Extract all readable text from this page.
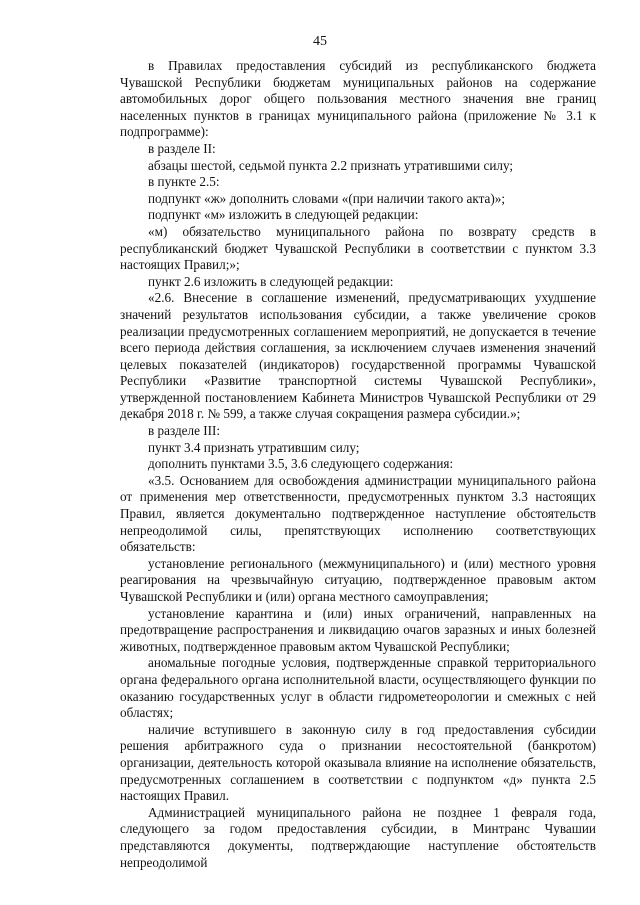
45

в Правилах предоставления субсидий из республиканского бюджета Чувашской Республики бюджетам муниципальных районов на содержание автомобильных дорог общего пользования местного значения вне границ населенных пунктов в границах муниципального района (приложение № 3.1 к подпрограмме):

в разделе II:

абзацы шестой, седьмой пункта 2.2 признать утратившими силу;

в пункте 2.5:

подпункт «ж» дополнить словами «(при наличии такого акта)»;

подпункт «м» изложить в следующей редакции:

«м) обязательство муниципального района по возврату средств в республиканский бюджет Чувашской Республики в соответствии с пунктом 3.3 настоящих Правил;»;

пункт 2.6 изложить в следующей редакции:

«2.6. Внесение в соглашение изменений, предусматривающих ухудшение значений результатов использования субсидии, а также увеличение сроков реализации предусмотренных соглашением мероприятий, не допускается в течение всего периода действия соглашения, за исключением случаев изменения значений целевых показателей (индикаторов) государственной программы Чувашской Республики «Развитие транспортной системы Чувашской Республики», утвержденной постановлением Кабинета Министров Чувашской Республики от 29 декабря 2018 г. № 599, а также случая сокращения размера субсидии.»;

в разделе III:

пункт 3.4 признать утратившим силу;

дополнить пунктами 3.5, 3.6 следующего содержания:

«3.5. Основанием для освобождения администрации муниципального района от применения мер ответственности, предусмотренных пунктом 3.3 настоящих Правил, является документально подтвержденное наступление обстоятельств непреодолимой силы, препятствующих исполнению соответствующих обязательств:

установление регионального (межмуниципального) и (или) местного уровня реагирования на чрезвычайную ситуацию, подтвержденное правовым актом Чувашской Республики и (или) органа местного самоуправления;

установление карантина и (или) иных ограничений, направленных на предотвращение распространения и ликвидацию очагов заразных и иных болезней животных, подтвержденное правовым актом Чувашской Республики;

аномальные погодные условия, подтвержденные справкой территориального органа федерального органа исполнительной власти, осуществляющего функции по оказанию государственных услуг в области гидрометеорологии и смежных с ней областях;

наличие вступившего в законную силу в год предоставления субсидии решения арбитражного суда о признании несостоятельной (банкротом) организации, деятельность которой оказывала влияние на исполнение обязательств, предусмотренных соглашением в соответствии с подпунктом «д» пункта 2.5 настоящих Правил.

Администрацией муниципального района не позднее 1 февраля года, следующего за годом предоставления субсидии, в Минтранс Чувашии представляются документы, подтверждающие наступление обстоятельств непреодолимой
